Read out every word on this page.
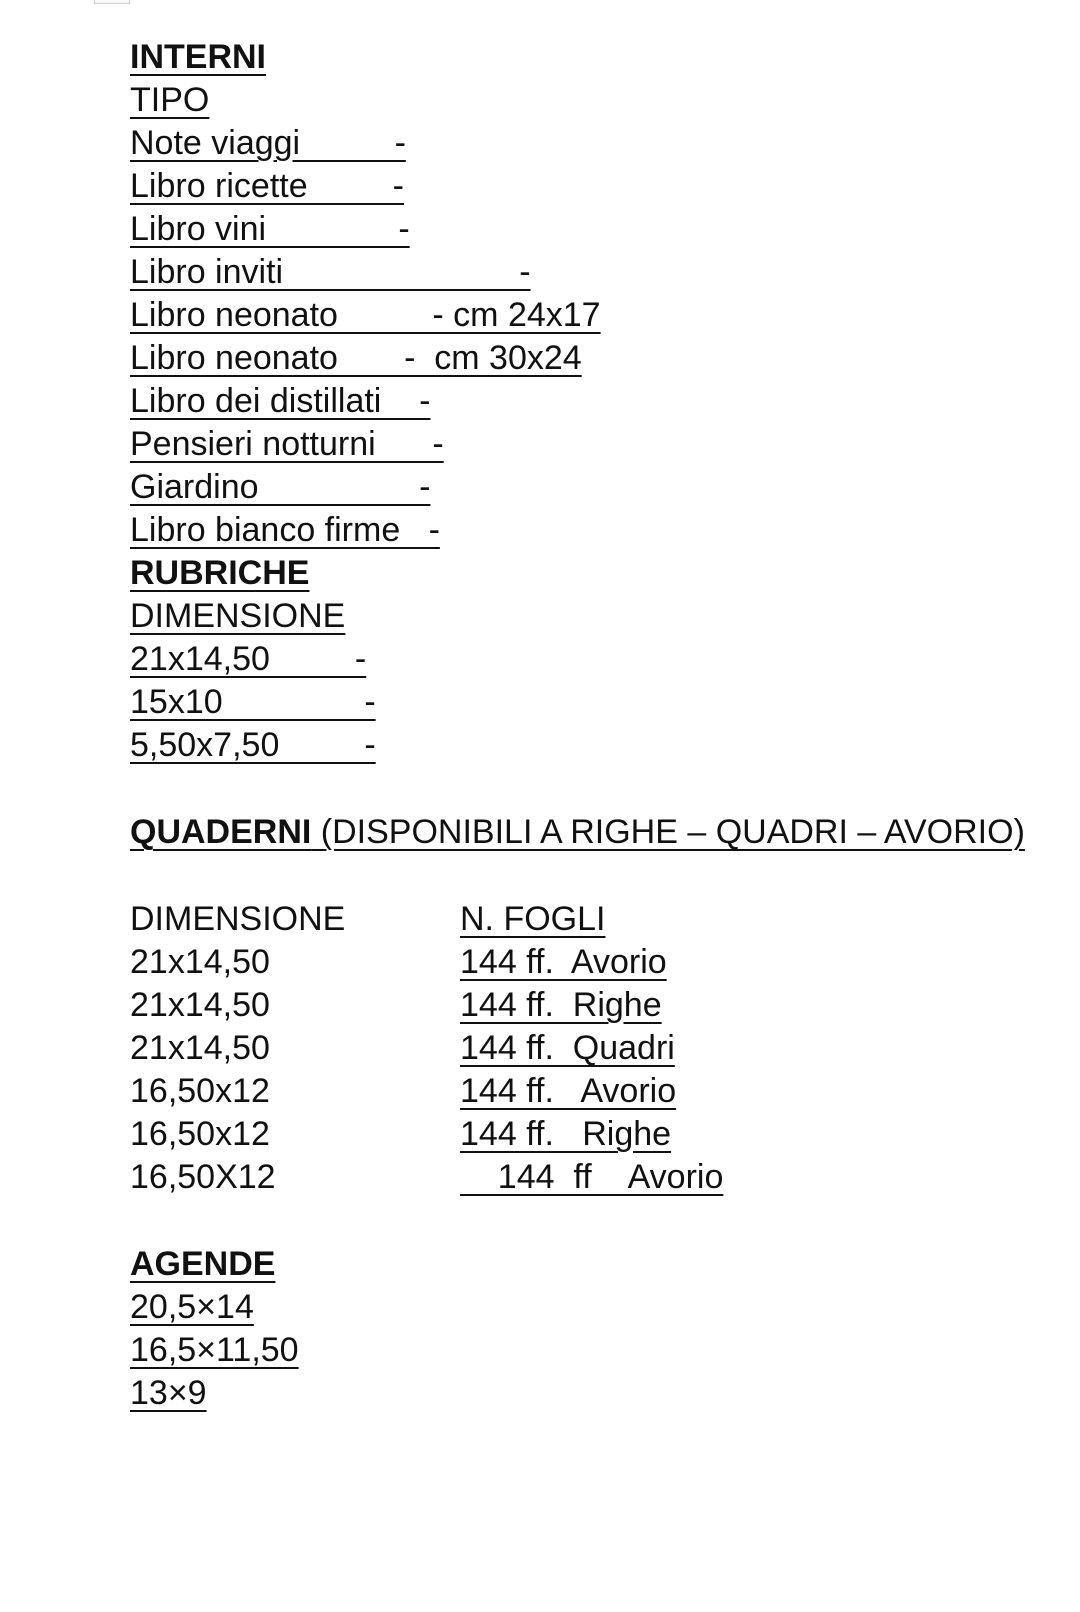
INTERNI
TIPO
Note viaggi          -
Libro ricette         -
Libro vini              -
Libro inviti                         -
Libro neonato          - cm 24x17
Libro neonato       -  cm 30x24
Libro dei distillati    -
Pensieri notturni      -
Giardino                 -
Libro bianco firme   -
RUBRICHE
DIMENSIONE
21x14,50         -
15x10               -
5,50x7,50         -
QUADERNI (DISPONIBILI A RIGHE – QUADRI – AVORIO)
DIMENSIONE	N. FOGLI
21x14,50	144 ff.  Avorio
21x14,50	144 ff.  Righe
21x14,50	144 ff.  Quadri
16,50x12	144 ff.   Avorio
16,50x12	144 ff.   Righe
16,50X12	144  ff    Avorio
AGENDE
20,5×14
16,5×11,50
13×9
